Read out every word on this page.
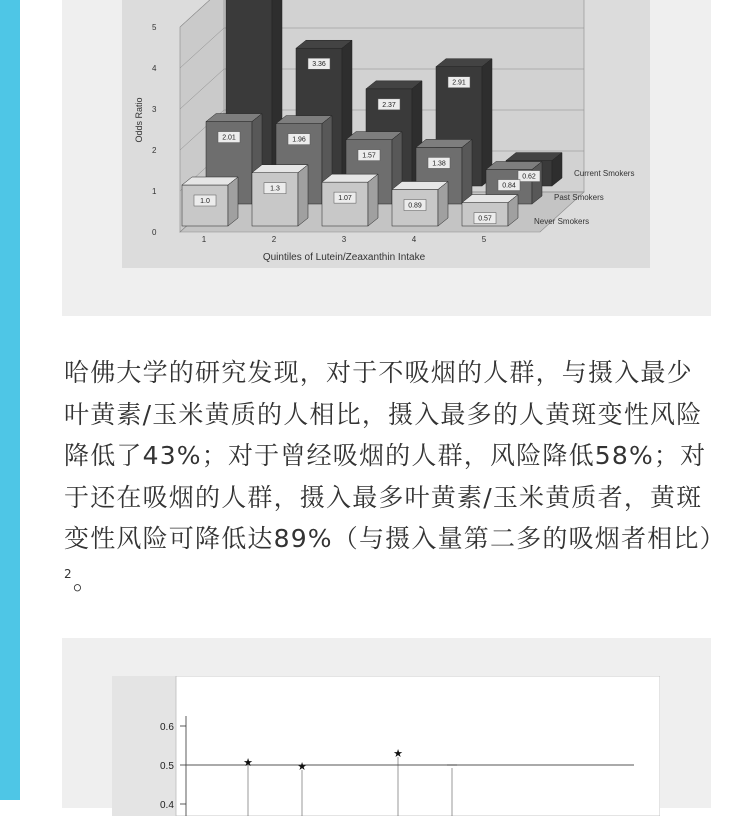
0
1
2
3
4
5
Odds Ratio
1	2	3	4	5
Quintiles of Lutein/Zeaxanthin Intake
Never Smokers
Past Smokers
Current Smokers
3.36
2.37
2.91
0.62
2.01	1.96
1.57
1.38
0.84
1.0
1.3
1.07
0.89
0.57

哈佛大学的研究发现，对于不吸烟的人群，与摄入最少叶黄素/玉米黄质的人相比，摄入最多的人黄斑变性风险降低了43%；对于曾经吸烟的人群，风险降低58%；对于还在吸烟的人群，摄入最多叶黄素/玉米黄质者，黄斑变性风险可降低达89%（与摄入量第二多的吸烟者相比）$^2$。

0.6
0.5
0.4
★	★
★
